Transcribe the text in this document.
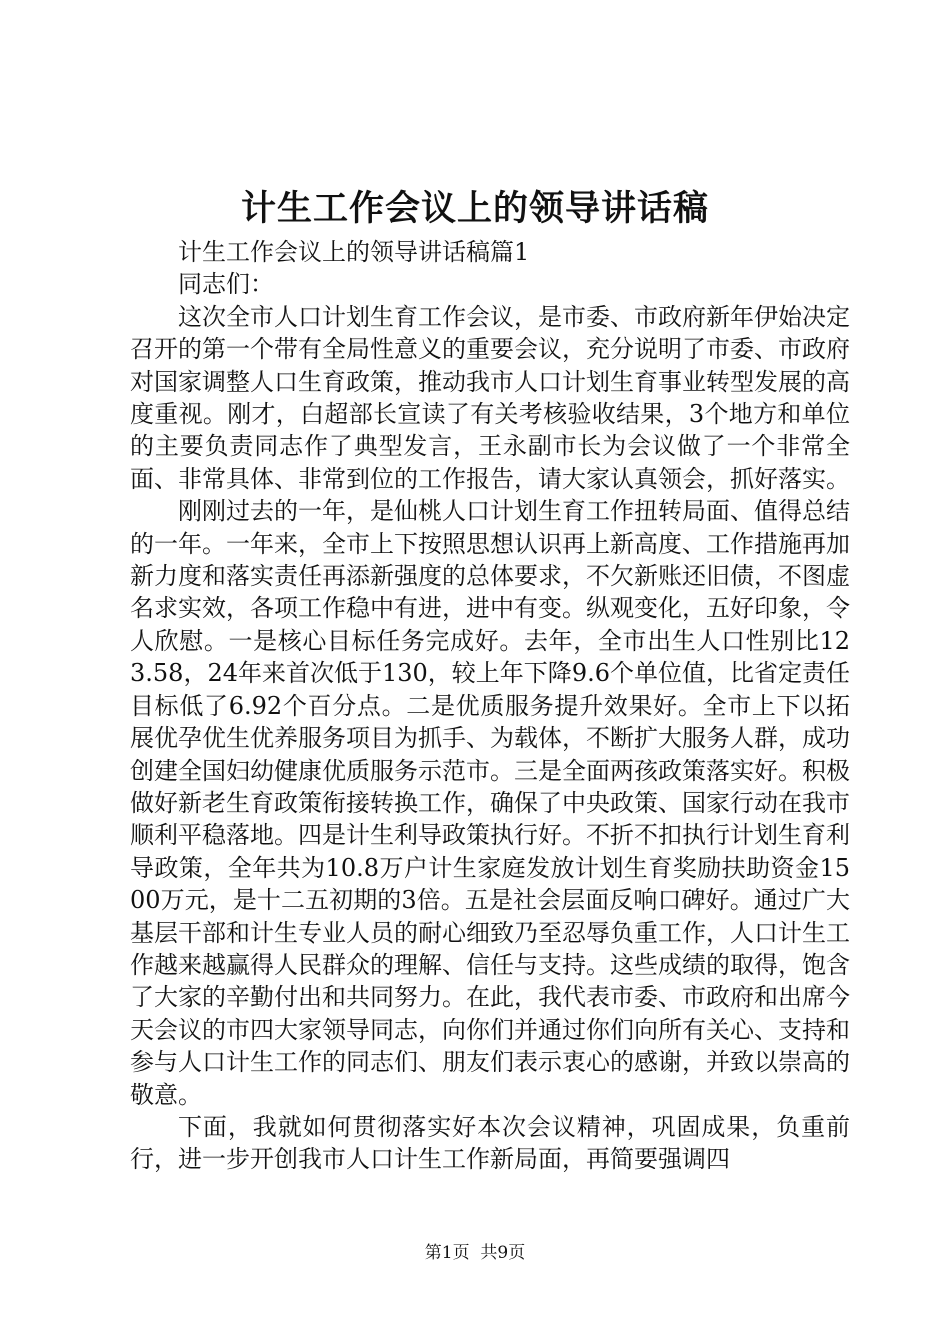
计生工作会议上的领导讲话稿

计生工作会议上的领导讲话稿篇1

同志们：

这次全市人口计划生育工作会议，是市委、市政府新年伊始决定召开的第一个带有全局性意义的重要会议，充分说明了市委、市政府对国家调整人口生育政策，推动我市人口计划生育事业转型发展的高度重视。刚才，白超部长宣读了有关考核验收结果，3个地方和单位的主要负责同志作了典型发言，王永副市长为会议做了一个非常全面、非常具体、非常到位的工作报告，请大家认真领会，抓好落实。

刚刚过去的一年，是仙桃人口计划生育工作扭转局面、值得总结的一年。一年来，全市上下按照思想认识再上新高度、工作措施再加新力度和落实责任再添新强度的总体要求，不欠新账还旧债，不图虚名求实效，各项工作稳中有进，进中有变。纵观变化，五好印象，令人欣慰。一是核心目标任务完成好。去年，全市出生人口性别比123.58，24年来首次低于130，较上年下降9.6个单位值，比省定责任目标低了6.92个百分点。二是优质服务提升效果好。全市上下以拓展优孕优生优养服务项目为抓手、为载体，不断扩大服务人群，成功创建全国妇幼健康优质服务示范市。三是全面两孩政策落实好。积极做好新老生育政策衔接转换工作，确保了中央政策、国家行动在我市顺利平稳落地。四是计生利导政策执行好。不折不扣执行计划生育利导政策，全年共为10.8万户计生家庭发放计划生育奖励扶助资金1500万元，是十二五初期的3倍。五是社会层面反响口碑好。通过广大基层干部和计生专业人员的耐心细致乃至忍辱负重工作，人口计生工作越来越赢得人民群众的理解、信任与支持。这些成绩的取得，饱含了大家的辛勤付出和共同努力。在此，我代表市委、市政府和出席今天会议的市四大家领导同志，向你们并通过你们向所有关心、支持和参与人口计生工作的同志们、朋友们表示衷心的感谢，并致以崇高的敬意。

下面，我就如何贯彻落实好本次会议精神，巩固成果，负重前行，进一步开创我市人口计生工作新局面，再简要强调四

第1页  共9页
